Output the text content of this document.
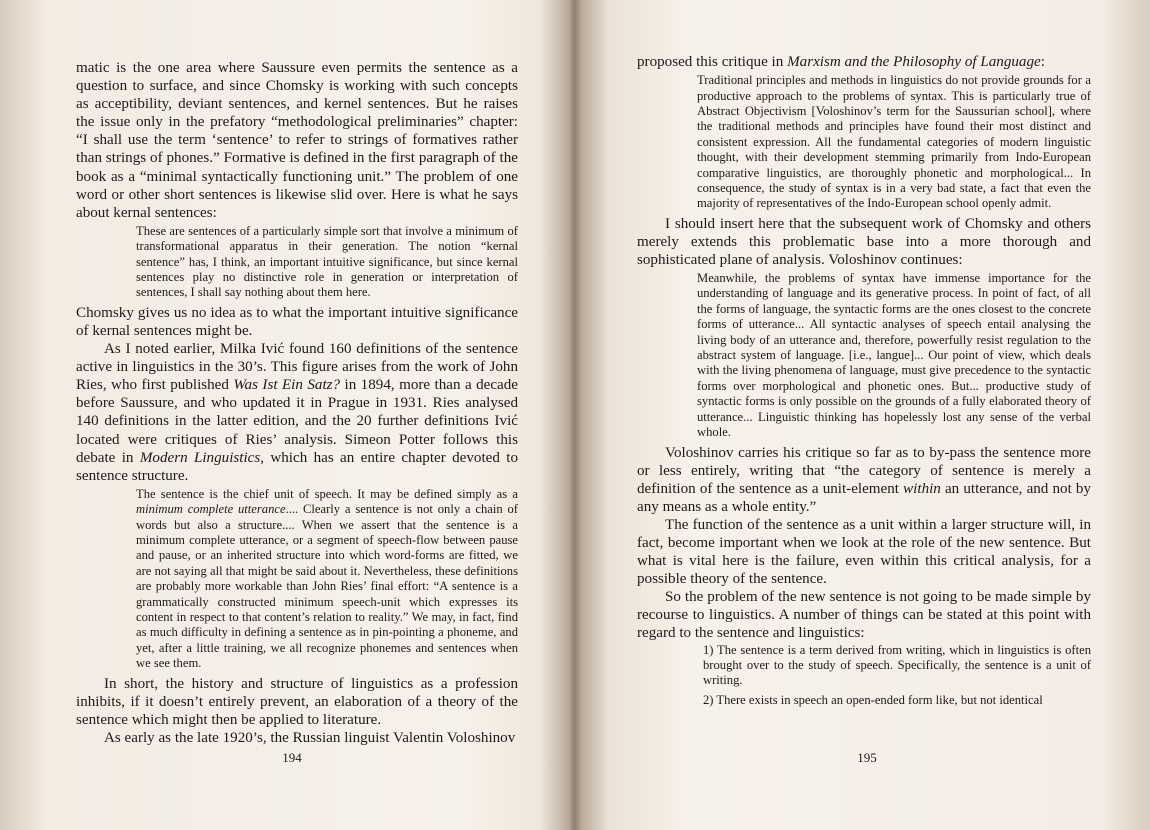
matic is the one area where Saussure even permits the sentence as a question to surface, and since Chomsky is working with such concepts as acceptibility, deviant sentences, and kernel sentences. But he raises the issue only in the prefatory “methodological preliminaries” chapter: “I shall use the term ‘sentence’ to refer to strings of formatives rather than strings of phones.” Formative is defined in the first paragraph of the book as a “minimal syntactically functioning unit.” The problem of one word or other short sentences is likewise slid over. Here is what he says about kernal sentences:

These are sentences of a particularly simple sort that involve a minimum of transformational apparatus in their generation. The notion “kernal sentence” has, I think, an important intuitive significance, but since kernal sentences play no distinctive role in generation or interpretation of sentences, I shall say nothing about them here.

Chomsky gives us no idea as to what the important intuitive significance of kernal sentences might be.

As I noted earlier, Milka Ivić found 160 definitions of the sentence active in linguistics in the 30’s. This figure arises from the work of John Ries, who first published Was Ist Ein Satz? in 1894, more than a decade before Saussure, and who updated it in Prague in 1931. Ries analysed 140 definitions in the latter edition, and the 20 further definitions Ivić located were critiques of Ries’ analysis. Simeon Potter follows this debate in Modern Linguistics, which has an entire chapter devoted to sentence structure.

The sentence is the chief unit of speech. It may be defined simply as a minimum complete utterance.... Clearly a sentence is not only a chain of words but also a structure.... When we assert that the sentence is a minimum complete utterance, or a segment of speech-flow between pause and pause, or an inherited structure into which word-forms are fitted, we are not saying all that might be said about it. Nevertheless, these definitions are probably more workable than John Ries’ final effort: “A sentence is a grammatically constructed minimum speech-unit which expresses its content in respect to that content’s relation to reality.” We may, in fact, find as much difficulty in defining a sentence as in pin-pointing a phoneme, and yet, after a little training, we all recognize phonemes and sentences when we see them.

In short, the history and structure of linguistics as a profession inhibits, if it doesn’t entirely prevent, an elaboration of a theory of the sentence which might then be applied to literature.

As early as the late 1920’s, the Russian linguist Valentin Voloshinov

194

proposed this critique in Marxism and the Philosophy of Language:

Traditional principles and methods in linguistics do not provide grounds for a productive approach to the problems of syntax. This is particularly true of Abstract Objectivism [Voloshinov’s term for the Saussurian school], where the traditional methods and principles have found their most distinct and consistent expression. All the fundamental categories of modern linguistic thought, with their development stemming primarily from Indo-European comparative linguistics, are thoroughly phonetic and morphological... In consequence, the study of syntax is in a very bad state, a fact that even the majority of representatives of the Indo-European school openly admit.

I should insert here that the subsequent work of Chomsky and others merely extends this problematic base into a more thorough and sophisticated plane of analysis. Voloshinov continues:

Meanwhile, the problems of syntax have immense importance for the understanding of language and its generative process. In point of fact, of all the forms of language, the syntactic forms are the ones closest to the concrete forms of utterance... All syntactic analyses of speech entail analysing the living body of an utterance and, therefore, powerfully resist regulation to the abstract system of language. [i.e., langue]... Our point of view, which deals with the living phenomena of language, must give precedence to the syntactic forms over morphological and phonetic ones. But... productive study of syntactic forms is only possible on the grounds of a fully elaborated theory of utterance... Linguistic thinking has hopelessly lost any sense of the verbal whole.

Voloshinov carries his critique so far as to by-pass the sentence more or less entirely, writing that “the category of sentence is merely a definition of the sentence as a unit-element within an utterance, and not by any means as a whole entity.”

The function of the sentence as a unit within a larger structure will, in fact, become important when we look at the role of the new sentence. But what is vital here is the failure, even within this critical analysis, for a possible theory of the sentence.

So the problem of the new sentence is not going to be made simple by recourse to linguistics. A number of things can be stated at this point with regard to the sentence and linguistics:

1) The sentence is a term derived from writing, which in linguistics is often brought over to the study of speech. Specifically, the sentence is a unit of writing.
2) There exists in speech an open-ended form like, but not identical
195
